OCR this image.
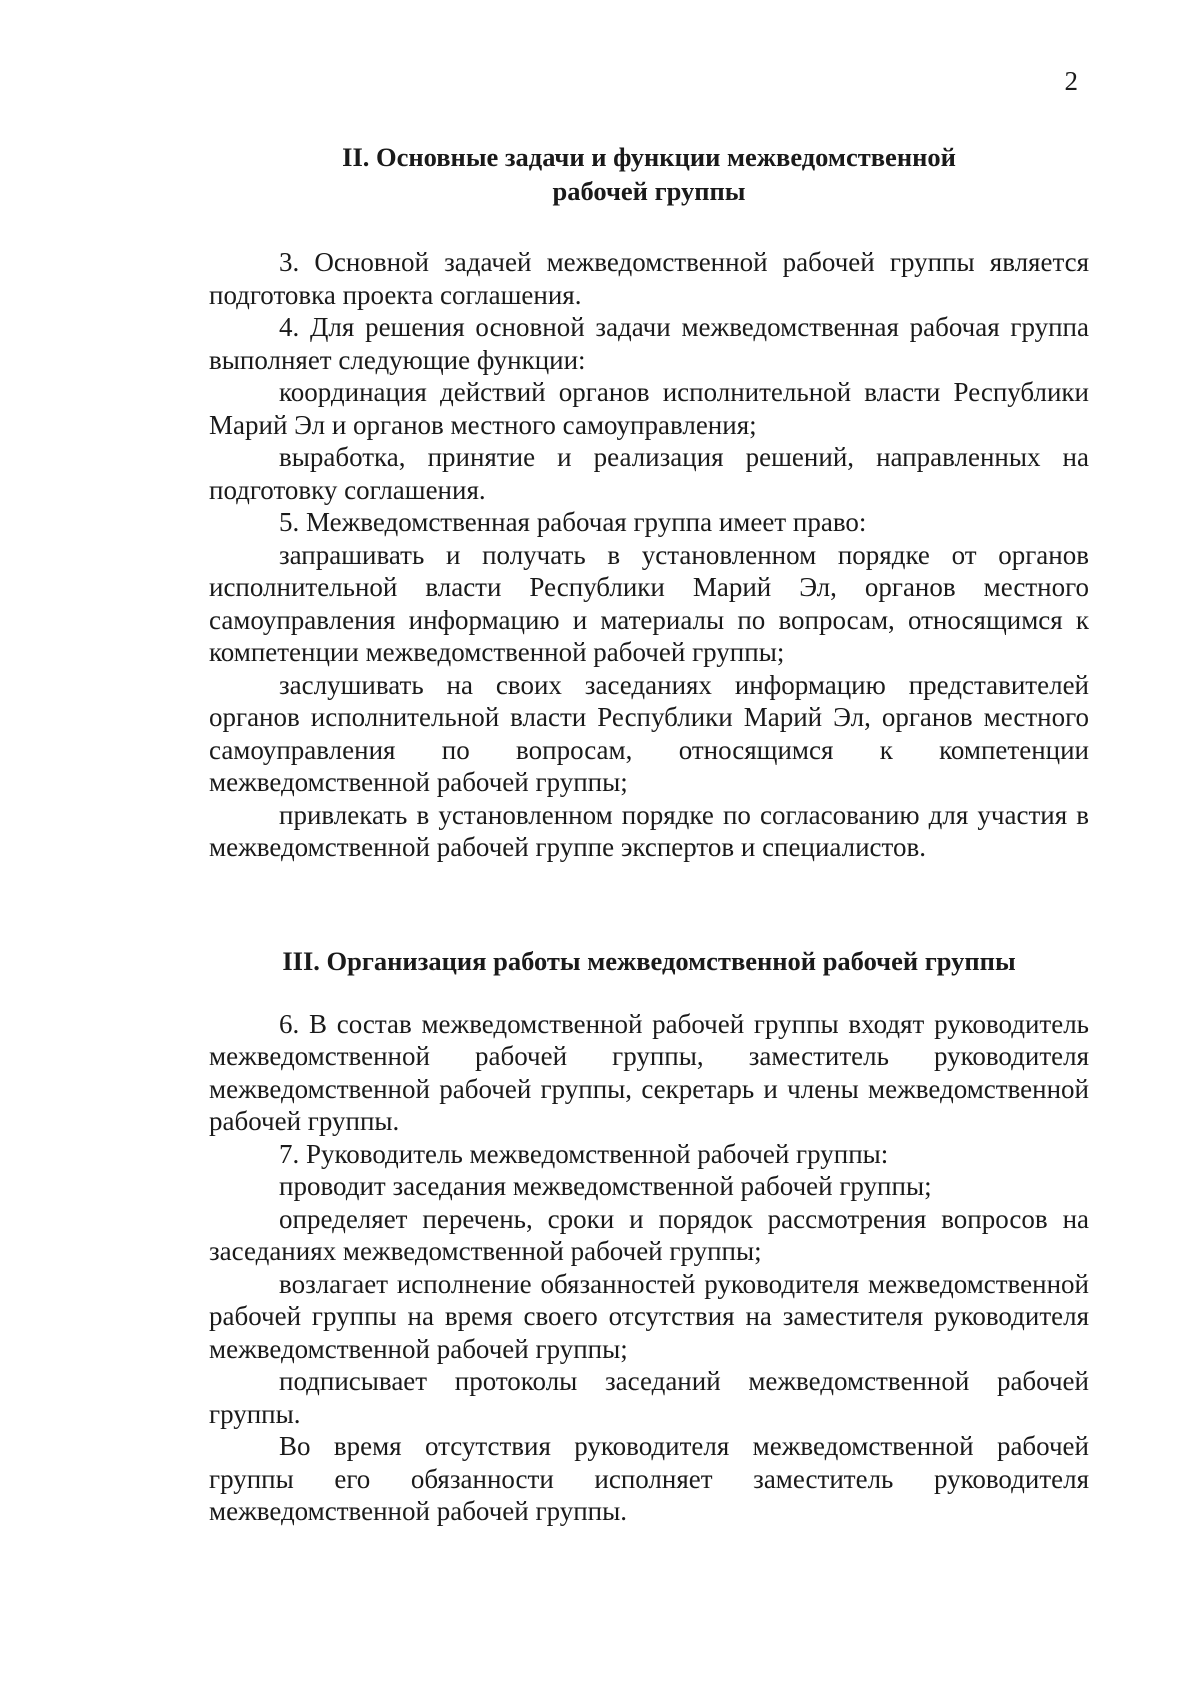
2
II. Основные задачи и функции межведомственной
рабочей группы

3. Основной задачей межведомственной рабочей группы является подготовка проекта соглашения.

4. Для решения основной задачи межведомственная рабочая группа выполняет следующие функции:

координация действий органов исполнительной власти Республики Марий Эл и органов местного самоуправления;

выработка, принятие и реализация решений, направленных на подготовку соглашения.

5. Межведомственная рабочая группа имеет право:

запрашивать и получать в установленном порядке от органов исполнительной власти Республики Марий Эл, органов местного самоуправления информацию и материалы по вопросам, относящимся к компетенции межведомственной рабочей группы;

заслушивать на своих заседаниях информацию представителей органов исполнительной власти Республики Марий Эл, органов местного самоуправления по вопросам, относящимся к компетенции межведомственной рабочей группы;

привлекать в установленном порядке по согласованию для участия в межведомственной рабочей группе экспертов и специалистов.

III. Организация работы межведомственной рабочей группы

6. В состав межведомственной рабочей группы входят руководитель межведомственной рабочей группы, заместитель руководителя межведомственной рабочей группы, секретарь и члены межведомственной рабочей группы.

7. Руководитель межведомственной рабочей группы:

проводит заседания межведомственной рабочей группы;

определяет перечень, сроки и порядок рассмотрения вопросов на заседаниях межведомственной рабочей группы;

возлагает исполнение обязанностей руководителя межведомственной рабочей группы на время своего отсутствия на заместителя руководителя межведомственной рабочей группы;

подписывает протоколы заседаний межведомственной рабочей группы.

Во время отсутствия руководителя межведомственной рабочей группы его обязанности исполняет заместитель руководителя межведомственной рабочей группы.
